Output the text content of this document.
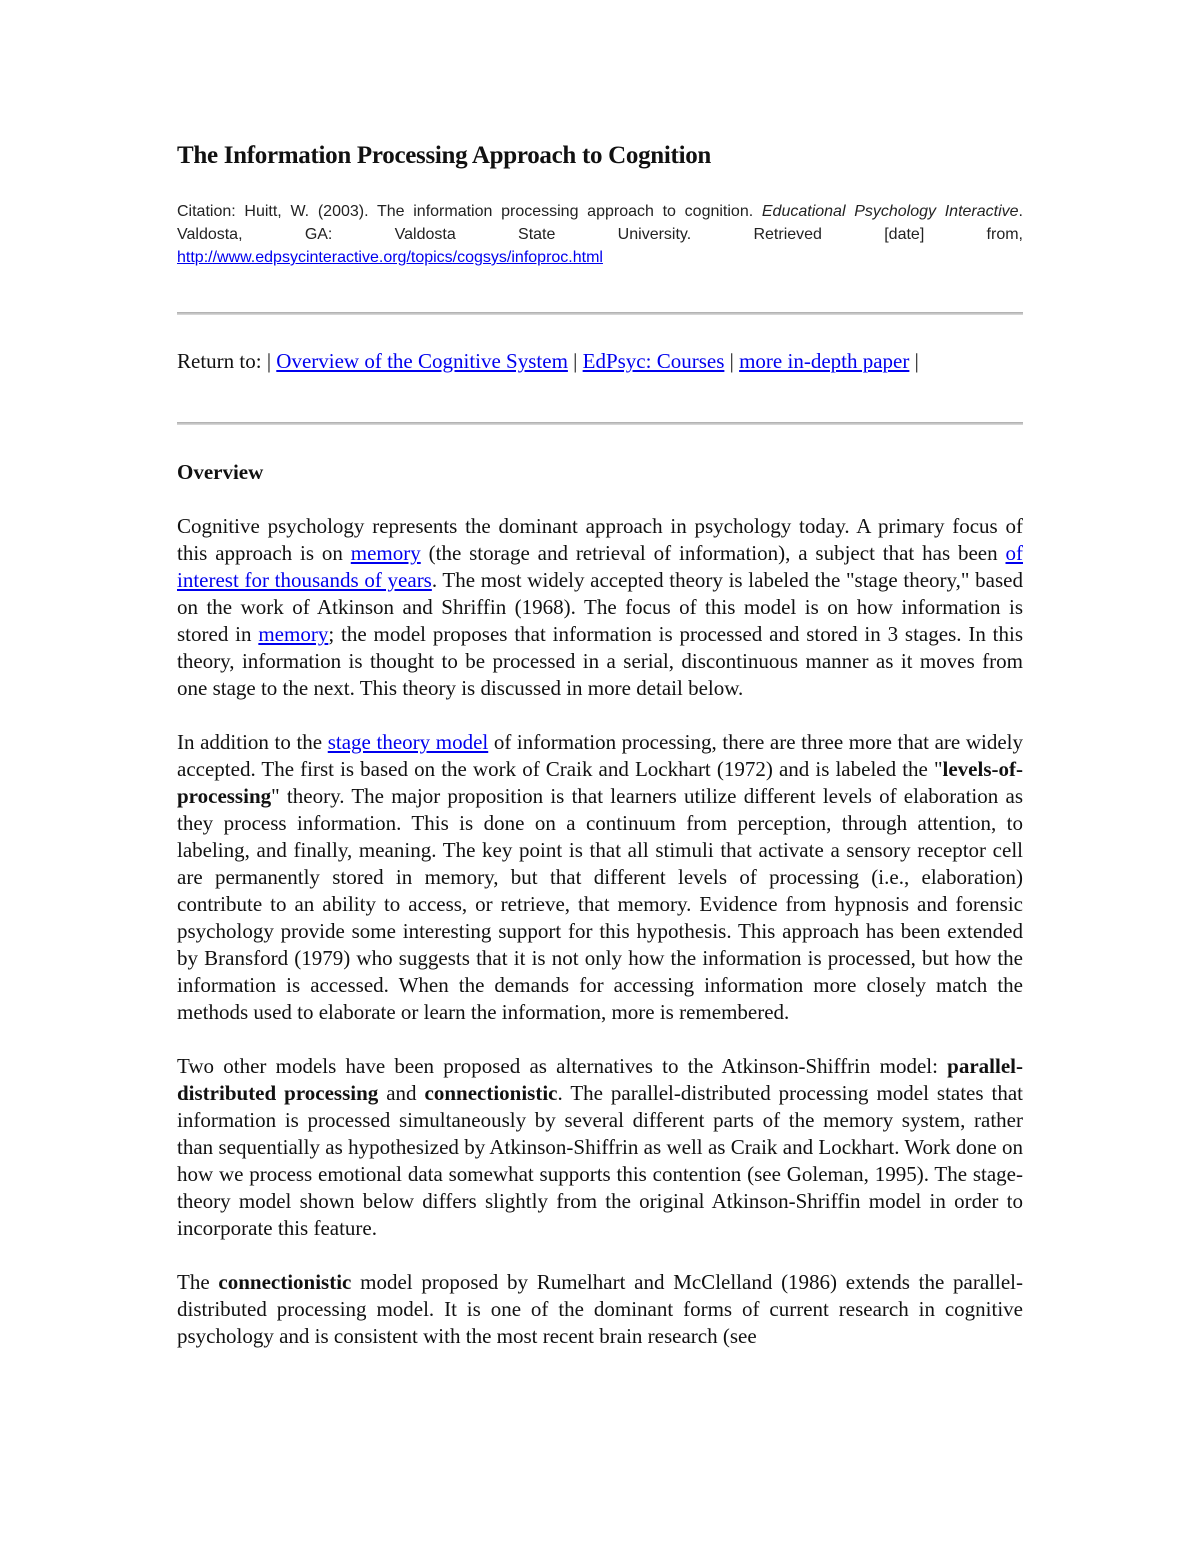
The Information Processing Approach to Cognition
Citation: Huitt, W. (2003). The information processing approach to cognition. Educational Psychology Interactive. Valdosta, GA: Valdosta State University. Retrieved [date] from, http://www.edpsycinteractive.org/topics/cogsys/infoproc.html
Return to: | Overview of the Cognitive System | EdPsyc: Courses | more in-depth paper |
Overview

Cognitive psychology represents the dominant approach in psychology today. A primary focus of this approach is on memory (the storage and retrieval of information), a subject that has been of interest for thousands of years. The most widely accepted theory is labeled the "stage theory," based on the work of Atkinson and Shriffin (1968). The focus of this model is on how information is stored in memory; the model proposes that information is processed and stored in 3 stages. In this theory, information is thought to be processed in a serial, discontinuous manner as it moves from one stage to the next. This theory is discussed in more detail below.

In addition to the stage theory model of information processing, there are three more that are widely accepted. The first is based on the work of Craik and Lockhart (1972) and is labeled the "levels-of-processing" theory. The major proposition is that learners utilize different levels of elaboration as they process information. This is done on a continuum from perception, through attention, to labeling, and finally, meaning. The key point is that all stimuli that activate a sensory receptor cell are permanently stored in memory, but that different levels of processing (i.e., elaboration) contribute to an ability to access, or retrieve, that memory. Evidence from hypnosis and forensic psychology provide some interesting support for this hypothesis. This approach has been extended by Bransford (1979) who suggests that it is not only how the information is processed, but how the information is accessed. When the demands for accessing information more closely match the methods used to elaborate or learn the information, more is remembered.

Two other models have been proposed as alternatives to the Atkinson-Shiffrin model: parallel-distributed processing and connectionistic. The parallel-distributed processing model states that information is processed simultaneously by several different parts of the memory system, rather than sequentially as hypothesized by Atkinson-Shiffrin as well as Craik and Lockhart. Work done on how we process emotional data somewhat supports this contention (see Goleman, 1995). The stage-theory model shown below differs slightly from the original Atkinson-Shriffin model in order to incorporate this feature.

The connectionistic model proposed by Rumelhart and McClelland (1986) extends the parallel-distributed processing model. It is one of the dominant forms of current research in cognitive psychology and is consistent with the most recent brain research (see
